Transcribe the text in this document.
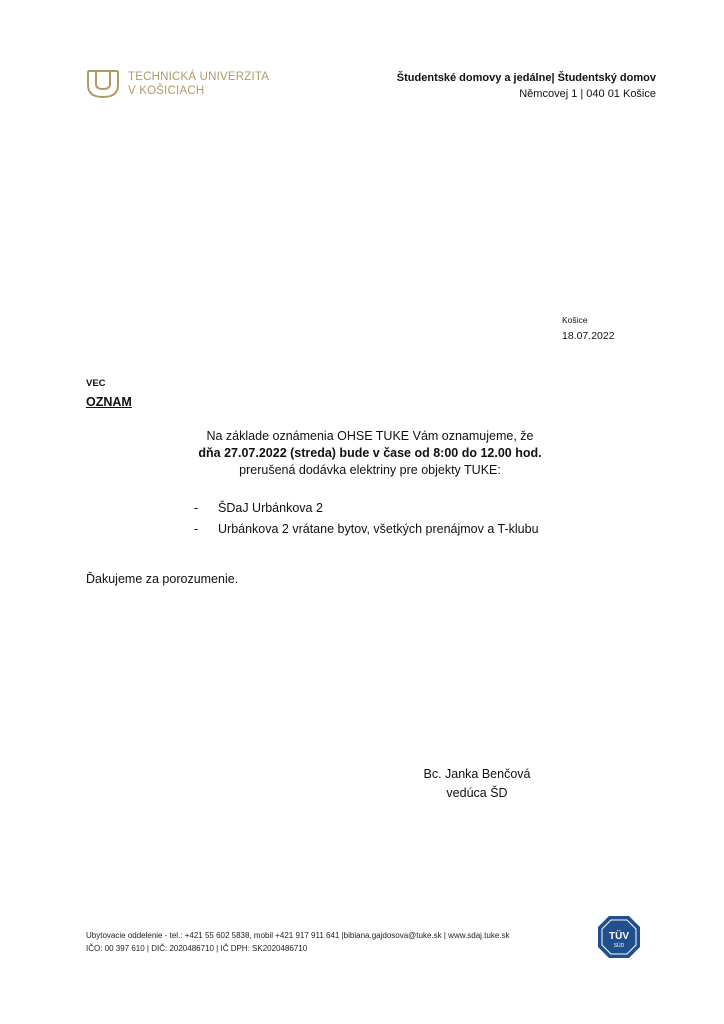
TECHNICKÁ UNIVERZITA
V KOŠICIACH
Študentské domovy a jedálne| Študentský domov
Němcovej 1 | 040 01 Košice
Košice
18.07.2022
VEC
OZNAM
Na základe oznámenia OHSE TUKE Vám oznamujeme, že
dňa 27.07.2022 (streda) bude v čase od 8:00 do 12.00 hod.
prerušená dodávka elektriny pre objekty TUKE:
-	ŠDaJ Urbánkova 2
-	Urbánkova 2 vrátane bytov, všetkých prenájmov a T-klubu
Ďakujeme za porozumenie.
Bc. Janka Benčová
vedúca ŠD
Ubytovacie oddelenie - tel.: +421 55 602 5838, mobil +421 917 911 641 |bibiana.gajdosova@tuke.sk | www.sdaj.tuke.sk
IČO: 00 397 610 | DIČ: 2020486710 | IČ DPH: SK2020486710
TÜV
SÜD
